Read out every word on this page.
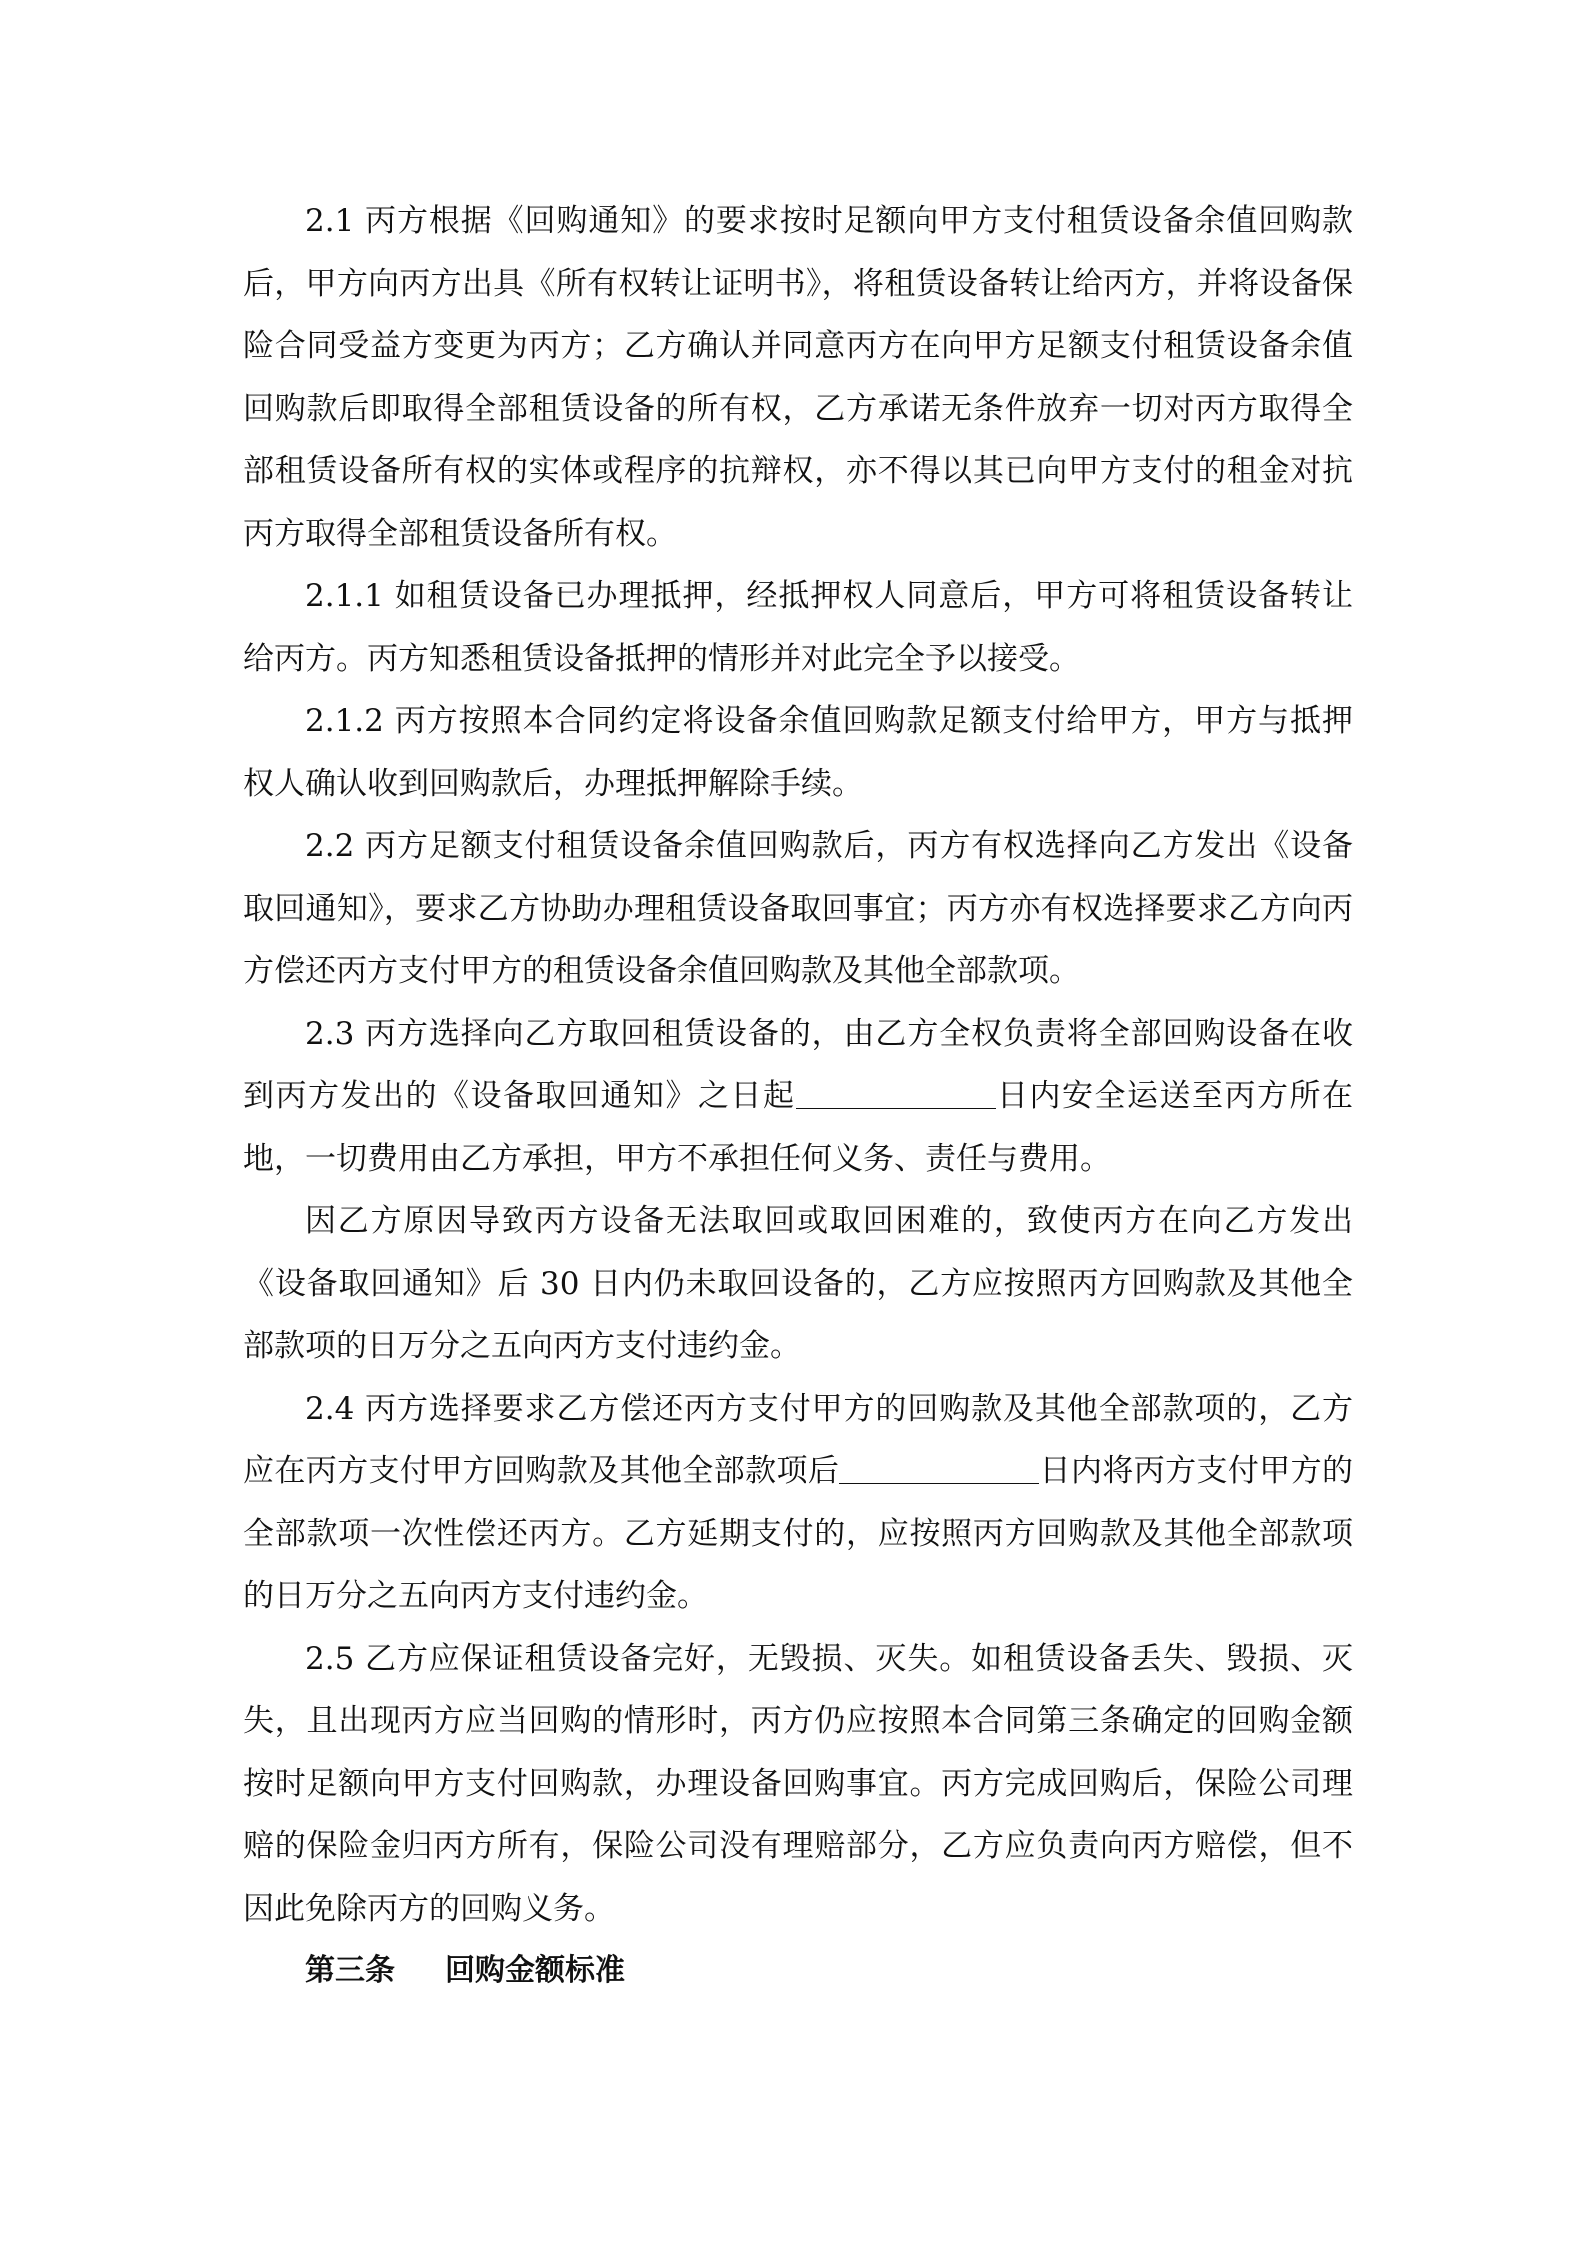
2.1 丙方根据《回购通知》的要求按时足额向甲方支付租赁设备余值回购款后，甲方向丙方出具《所有权转让证明书》，将租赁设备转让给丙方，并将设备保险合同受益方变更为丙方；乙方确认并同意丙方在向甲方足额支付租赁设备余值回购款后即取得全部租赁设备的所有权，乙方承诺无条件放弃一切对丙方取得全部租赁设备所有权的实体或程序的抗辩权，亦不得以其已向甲方支付的租金对抗丙方取得全部租赁设备所有权。

2.1.1 如租赁设备已办理抵押，经抵押权人同意后，甲方可将租赁设备转让给丙方。丙方知悉租赁设备抵押的情形并对此完全予以接受。

2.1.2 丙方按照本合同约定将设备余值回购款足额支付给甲方，甲方与抵押权人确认收到回购款后，办理抵押解除手续。

2.2 丙方足额支付租赁设备余值回购款后，丙方有权选择向乙方发出《设备取回通知》，要求乙方协助办理租赁设备取回事宜；丙方亦有权选择要求乙方向丙方偿还丙方支付甲方的租赁设备余值回购款及其他全部款项。

2.3 丙方选择向乙方取回租赁设备的，由乙方全权负责将全部回购设备在收到丙方发出的《设备取回通知》之日起	日内安全运送至丙方所在地，一切费用由乙方承担，甲方不承担任何义务、责任与费用。

因乙方原因导致丙方设备无法取回或取回困难的，致使丙方在向乙方发出《设备取回通知》后 30 日内仍未取回设备的，乙方应按照丙方回购款及其他全部款项的日万分之五向丙方支付违约金。

2.4 丙方选择要求乙方偿还丙方支付甲方的回购款及其他全部款项的，乙方应在丙方支付甲方回购款及其他全部款项后	日内将丙方支付甲方的全部款项一次性偿还丙方。乙方延期支付的，应按照丙方回购款及其他全部款项的日万分之五向丙方支付违约金。

2.5 乙方应保证租赁设备完好，无毁损、灭失。如租赁设备丢失、毁损、灭失，且出现丙方应当回购的情形时，丙方仍应按照本合同第三条确定的回购金额按时足额向甲方支付回购款，办理设备回购事宜。丙方完成回购后，保险公司理赔的保险金归丙方所有，保险公司没有理赔部分，乙方应负责向丙方赔偿，但不因此免除丙方的回购义务。

第三条 回购金额标准
